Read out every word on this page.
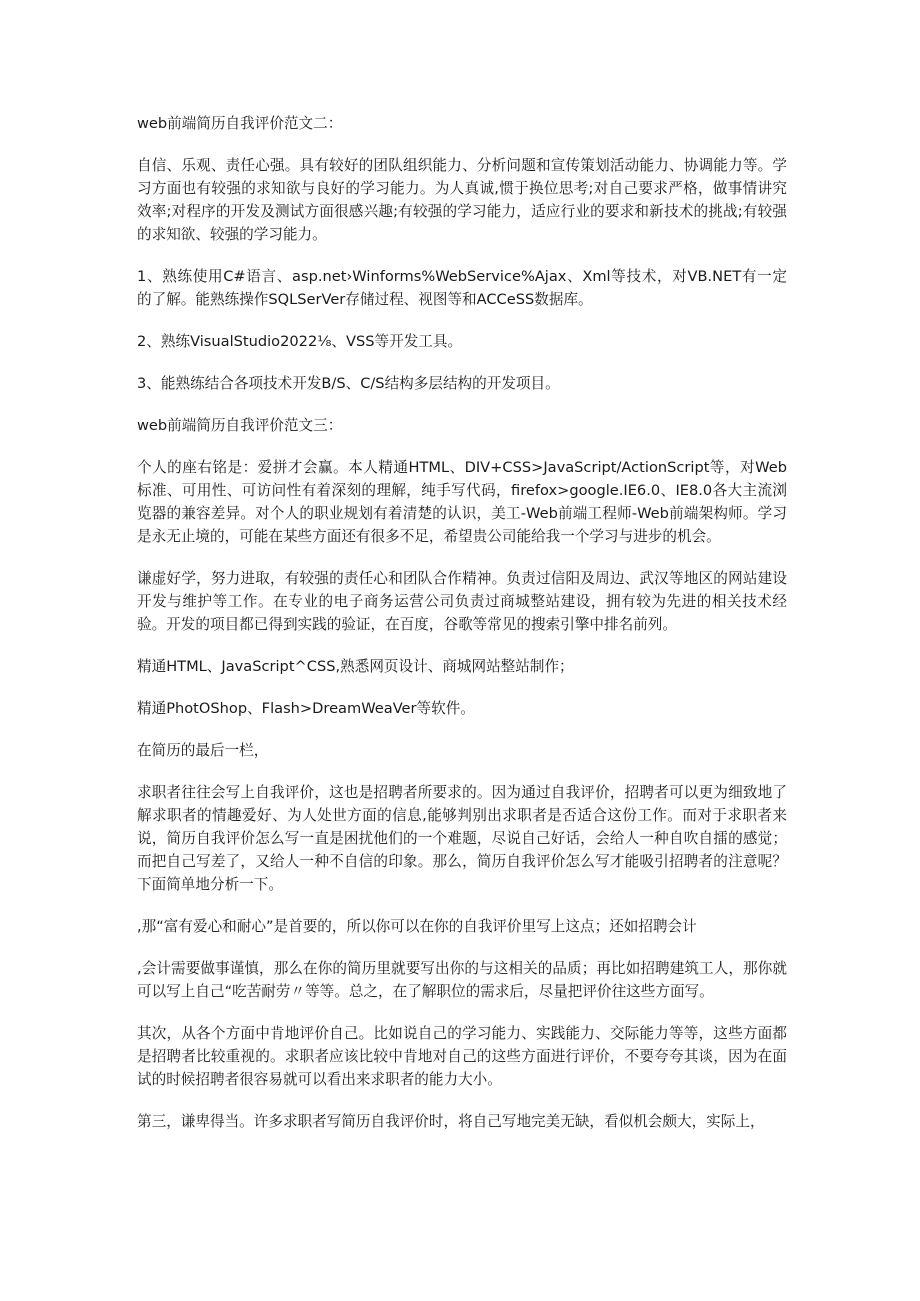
web前端简历自我评价范文二：

自信、乐观、责任心强。具有较好的团队组织能力、分析问题和宣传策划活动能力、协调能力等。学习方面也有较强的求知欲与良好的学习能力。为人真诚,惯于换位思考;对自己要求严格，做事情讲究效率;对程序的开发及测试方面很感兴趣;有较强的学习能力，适应行业的要求和新技术的挑战;有较强的求知欲、较强的学习能力。

1、熟练使用C#语言、asp.net›Winforms%WebService%Ajax、Xml等技术，对VB.NET有一定的了解。能熟练操作SQLSerVer存储过程、视图等和ACCeSS数据库。

2、熟练VisualStudio2022⅛、VSS等开发工具。

3、能熟练结合各项技术开发B/S、C/S结构多层结构的开发项目。

web前端简历自我评价范文三：

个人的座右铭是：爱拼才会赢。本人精通HTML、DIV+CSS>JavaScript/ActionScript等，对Web标准、可用性、可访问性有着深刻的理解，纯手写代码，firefox>google.IE6.0、IE8.0各大主流浏览器的兼容差异。对个人的职业规划有着清楚的认识，美工-Web前端工程师-Web前端架构师。学习是永无止境的，可能在某些方面还有很多不足，希望贵公司能给我一个学习与进步的机会。

谦虚好学，努力进取，有较强的责任心和团队合作精神。负责过信阳及周边、武汉等地区的网站建设开发与维护等工作。在专业的电子商务运营公司负责过商城整站建设，拥有较为先进的相关技术经验。开发的项目都已得到实践的验证，在百度，谷歌等常见的搜索引擎中排名前列。

精通HTML、JavaScript^CSS,熟悉网页设计、商城网站整站制作；

精通PhotOShop、Flash>DreamWeaVer等软件。

在简历的最后一栏，

求职者往往会写上自我评价，这也是招聘者所要求的。因为通过自我评价，招聘者可以更为细致地了解求职者的情趣爱好、为人处世方面的信息,能够判别出求职者是否适合这份工作。而对于求职者来说，简历自我评价怎么写一直是困扰他们的一个难题，尽说自己好话，会给人一种自吹自擂的感觉；而把自己写差了，又给人一种不自信的印象。那么，简历自我评价怎么写才能吸引招聘者的注意呢？下面简单地分析一下。

,那“富有爱心和耐心”是首要的，所以你可以在你的自我评价里写上这点；还如招聘会计

,会计需要做事谨慎，那么在你的简历里就要写出你的与这相关的品质；再比如招聘建筑工人，那你就可以写上自己“吃苦耐劳〃等等。总之，在了解职位的需求后，尽量把评价往这些方面写。

其次，从各个方面中肯地评价自己。比如说自己的学习能力、实践能力、交际能力等等，这些方面都是招聘者比较重视的。求职者应该比较中肯地对自己的这些方面进行评价，不要夸夸其谈，因为在面试的时候招聘者很容易就可以看出来求职者的能力大小。

第三，谦卑得当。许多求职者写简历自我评价时，将自己写地完美无缺，看似机会颇大，实际上，
